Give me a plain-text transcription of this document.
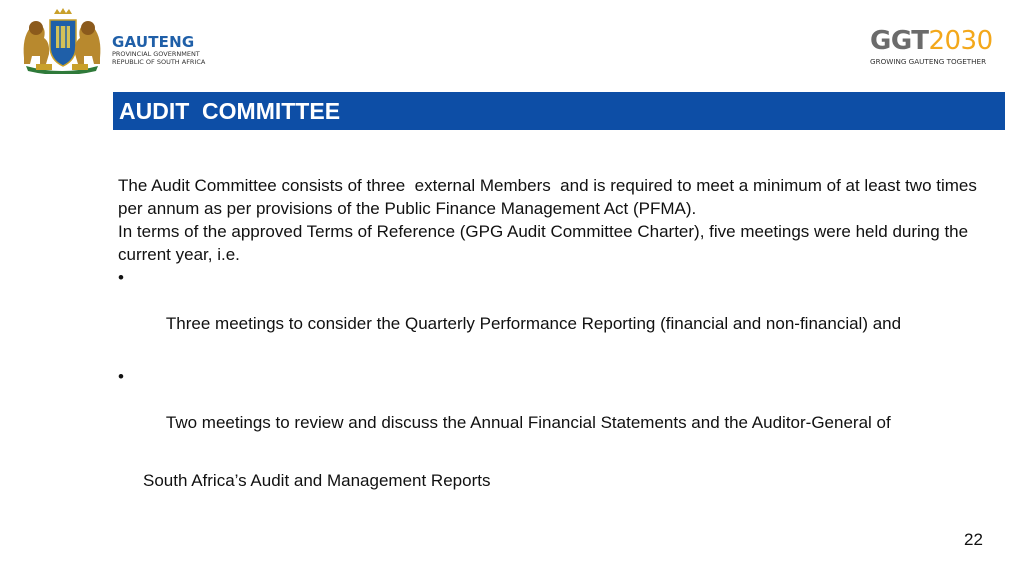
GAUTENG
PROVINCIAL GOVERNMENT
REPUBLIC OF SOUTH AFRICA
GGT2030
GROWING GAUTENG TOGETHER
AUDIT  COMMITTEE
The Audit Committee consists of three  external Members  and is required to meet a minimum of at least two times per annum as per provisions of the Public Finance Management Act (PFMA).
In terms of the approved Terms of Reference (GPG Audit Committee Charter), five meetings were held during the current year, i.e.

•

Three meetings to consider the Quarterly Performance Reporting (financial and non-financial) and

•

Two meetings to review and discuss the Annual Financial Statements and the Auditor-General of

South Africa’s Audit and Management Reports
22
